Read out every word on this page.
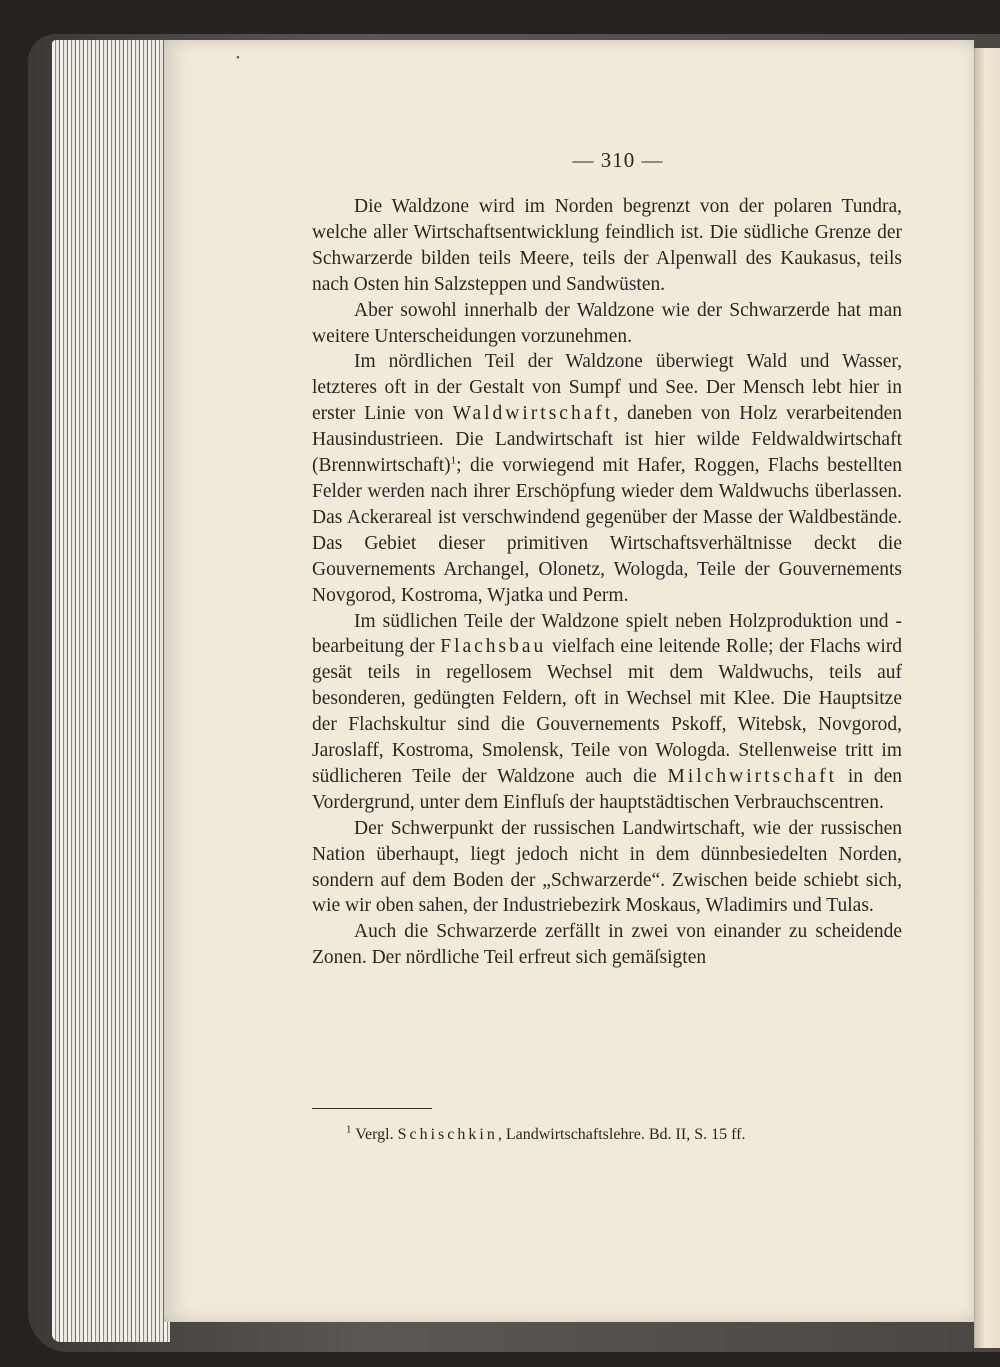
•
— 310 —

Die Waldzone wird im Norden begrenzt von der polaren Tundra, welche aller Wirtschaftsentwicklung feindlich ist. Die südliche Grenze der Schwarzerde bilden teils Meere, teils der Alpenwall des Kaukasus, teils nach Osten hin Salzsteppen und Sandwüsten.

Aber sowohl innerhalb der Waldzone wie der Schwarzerde hat man weitere Unterscheidungen vorzunehmen.

Im nördlichen Teil der Waldzone überwiegt Wald und Wasser, letzteres oft in der Gestalt von Sumpf und See. Der Mensch lebt hier in erster Linie von Waldwirtschaft, daneben von Holz verarbeitenden Hausindustrieen. Die Landwirtschaft ist hier wilde Feldwaldwirtschaft (Brennwirtschaft)$^1$; die vorwiegend mit Hafer, Roggen, Flachs bestellten Felder werden nach ihrer Erschöpfung wieder dem Waldwuchs überlassen. Das Ackerareal ist verschwindend gegenüber der Masse der Waldbestände. Das Gebiet dieser primitiven Wirtschaftsverhältnisse deckt die Gouvernements Archangel, Olonetz, Wologda, Teile der Gouvernements Novgorod, Kostroma, Wjatka und Perm.

Im südlichen Teile der Waldzone spielt neben Holzproduktion und -bearbeitung der Flachsbau vielfach eine leitende Rolle; der Flachs wird gesät teils in regellosem Wechsel mit dem Waldwuchs, teils auf besonderen, gedüngten Feldern, oft in Wechsel mit Klee. Die Hauptsitze der Flachskultur sind die Gouvernements Pskoff, Witebsk, Novgorod, Jaroslaff, Kostroma, Smolensk, Teile von Wologda. Stellenweise tritt im südlicheren Teile der Waldzone auch die Milchwirtschaft in den Vordergrund, unter dem Einfluſs der hauptstädtischen Verbrauchscentren.

Der Schwerpunkt der russischen Landwirtschaft, wie der russischen Nation überhaupt, liegt jedoch nicht in dem dünnbesiedelten Norden, sondern auf dem Boden der „Schwarzerde“. Zwischen beide schiebt sich, wie wir oben sahen, der Industriebezirk Moskaus, Wladimirs und Tulas.

Auch die Schwarzerde zerfällt in zwei von einander zu scheidende Zonen. Der nördliche Teil erfreut sich gemäſsigten

$^1$ Vergl. Schischkin, Landwirtschaftslehre. Bd. II, S. 15 ff.
